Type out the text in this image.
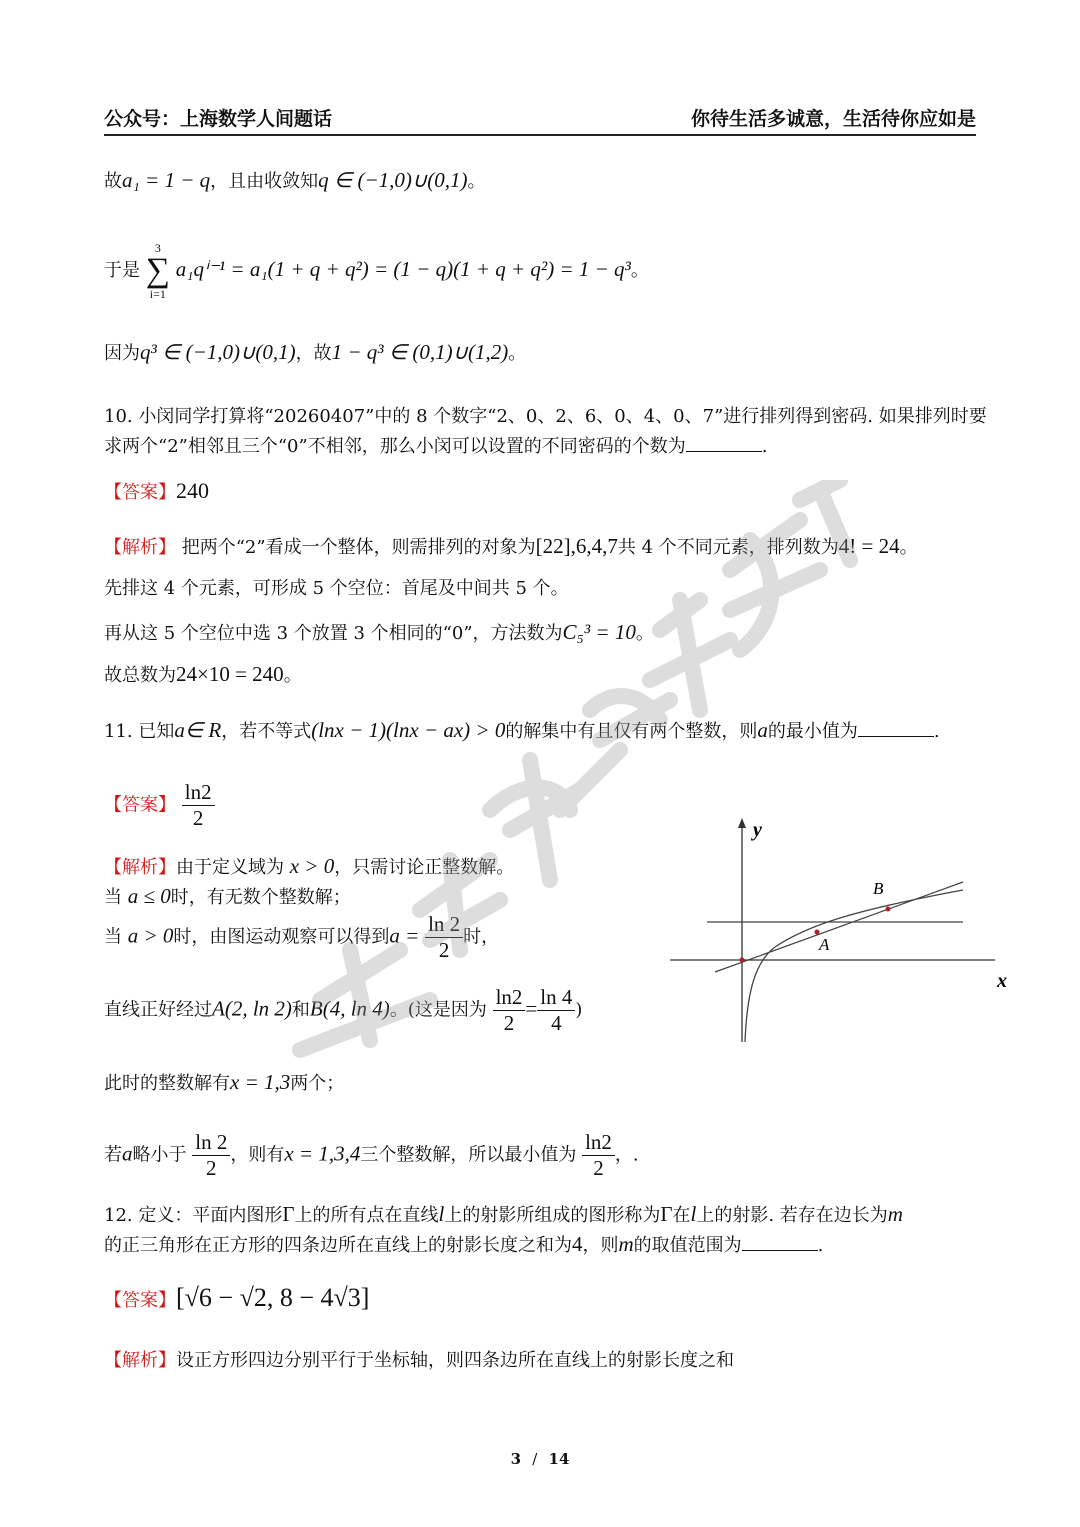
公众号：上海数学人间题话	你待生活多诚意，生活待你应如是
故a₁ = 1 − q，且由收敛知q ∈ (−1,0)∪(0,1)。
于是
3
∑
i=1
a₁qⁱ⁻¹ = a₁(1 + q + q²) = (1 − q)(1 + q + q²) = 1 − q³。
因为q³ ∈ (−1,0)∪(0,1)，故1 − q³ ∈ (0,1)∪(1,2)。
10. 小闵同学打算将“20260407”中的 8 个数字“2、0、2、6、0、4、0、7”进行排列得到密码. 如果排列时要
求两个“2”相邻且三个“0”不相邻，那么小闵可以设置的不同密码的个数为	.
【答案】240
【解析】 把两个“2”看成一个整体，则需排列的对象为[22],6,4,7共 4 个不同元素，排列数为4! = 24。
先排这 4 个元素，可形成 5 个空位：首尾及中间共 5 个。
再从这 5 个空位中选 3 个放置 3 个相同的“0”，方法数为C₅³ = 10。
故总数为24×10 = 240。
11. 已知a∈ R，若不等式(lnx − 1)(lnx − ax) > 0的解集中有且仅有两个整数，则a的最小值为	.
【答案】 $\frac{\ln 2}{2}$
【解析】由于定义域为 x > 0，只需讨论正整数解。
当 a ≤ 0时，有无数个整数解；
当 a > 0时，由图运动观察可以得到$a = \frac{\ln 2}{2}$ 时，
直线正好经过A(2, ln 2)和B(4, ln 4)。(这是因为 $\frac{\ln 2}{2} = \frac{\ln 4}{4}$ )
此时的整数解有x = 1,3两个；
若a略小于 $\frac{\ln 2}{2}$ ，则有x = 1,3,4三个整数解，所以最小值为 $\frac{\ln 2}{2}$ ，.
y
x
A
B
12. 定义：平面内图形Γ上的所有点在直线l上的射影所组成的图形称为Γ在l上的射影. 若存在边长为m
的正三角形在正方形的四条边所在直线上的射影长度之和为4，则m的取值范围为	.
【答案】[√6 − √2, 8 − 4√3]
【解析】设正方形四边分别平行于坐标轴，则四条边所在直线上的射影长度之和
3 / 14
